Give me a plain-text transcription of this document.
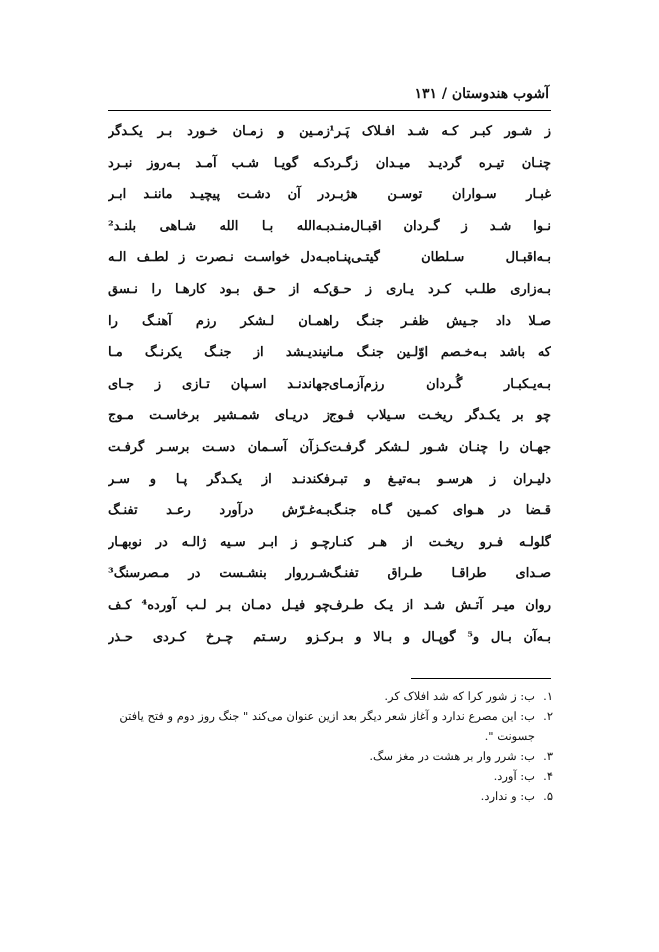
آشوب هندوستان / ۱۳۱
ز شـور کبـر کـه شـد افـلاک پَـر¹
زمـین و زمـان خـورد بـر یکـدگر
چنـان تیـره گردیـد میـدان زگـرد
کـه گویـا شـب آمـد بـه‌روز نبـرد
غبـار سـواران توسـن هژبـر
در آن دشـت پیچیـد ماننـد ابـر
نـوا شـد ز گـردان اقبـال‌منـد
بـه‌الله بـا الله شـاهی بلنـد²
بـه‌اقبـال سـلطان گیتـی‌پنـاه
بـه‌دل خواسـت نـصرت ز لطـف الـه
بـه‌زاری طلـب کـرد یـاری ز حـق
کـه از حـق بـود کارهـا را نـسق
صـلا داد جـیش ظفـر جنـگ را
همـان لـشکر رزم آهنـگ را
که باشد بـه‌خـصم اوّلـین جنـگ مـا
نیندیـشد از جنـگ یکرنـگ مـا
بـه‌یـکبـار گُـردان رزم‌آزمـای
جهاندنـد اسـپان تـازی ز جـای
چو بر یکـدگر ریخـت سـیلاب فـوج
ز دریـای شمـشیر برخاسـت مـوج
جهـان را چنـان شـور لـشکر گرفـت
کـزآن آسـمان دسـت برسـر گرفـت
دلیـران ز هرسـو بـه‌تیـغ و تبـر
فکندنـد از یکـدگر پـا و سـر
قـضا در هـوای کمـین گـاه جنـگ
بـه‌غـرّش درآورد رعـد تفنـگ
گلولـه فـرو ریخـت از هـر کنـار
چـو ز ابـر سـیه ژالـه در نوبهـار
صـدای طراقـا طـراق تفنـگ
شـرروار بنشـست در مـصرسنگ³
روان میـر آتـش شـد از یـک طـرف
چو فیـل دمـان بـر لـب آورده⁴ کـف
بـه‌آن بـال و⁵ گوپـال و بـالا و بـر
کـزو رسـتم چـرخ کـردی حـذر
۱.
ب: ز شور کرا که شد افلاک کر.
۲.
ب: این مصرع ندارد و آغاز شعر دیگر بعد ازین عنوان می‌کند " جنگ روز دوم و فتح یافتن جسونت ".
۳.
ب: شرر وار بر هشت در مغز سگ.
۴.
ب: آورد.
۵.
ب: و ندارد.
